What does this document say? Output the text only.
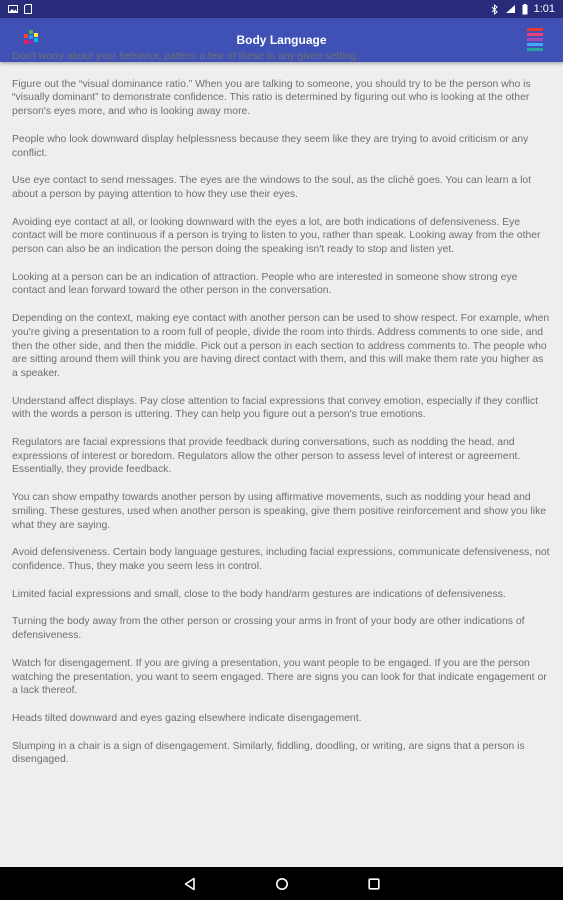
1:01
Body Language

Don't worry about your behavior, pattern a few of these in any given setting.

Figure out the “visual dominance ratio.” When you are talking to someone, you should try to be the person who is “visually dominant” to demonstrate confidence. This ratio is determined by figuring out who is looking at the other person's eyes more, and who is looking away more.

People who look downward display helplessness because they seem like they are trying to avoid criticism or any conflict.

Use eye contact to send messages. The eyes are the windows to the soul, as the cliché goes. You can learn a lot about a person by paying attention to how they use their eyes.

Avoiding eye contact at all, or looking downward with the eyes a lot, are both indications of defensiveness. Eye contact will be more continuous if a person is trying to listen to you, rather than speak. Looking away from the other person can also be an indication the person doing the speaking isn't ready to stop and listen yet.

Looking at a person can be an indication of attraction. People who are interested in someone show strong eye contact and lean forward toward the other person in the conversation.

Depending on the context, making eye contact with another person can be used to show respect. For example, when you're giving a presentation to a room full of people, divide the room into thirds. Address comments to one side, and then the other side, and then the middle. Pick out a person in each section to address comments to. The people who are sitting around them will think you are having direct contact with them, and this will make them rate you higher as a speaker.

Understand affect displays. Pay close attention to facial expressions that convey emotion, especially if they conflict with the words a person is uttering. They can help you figure out a person's true emotions.

Regulators are facial expressions that provide feedback during conversations, such as nodding the head, and expressions of interest or boredom. Regulators allow the other person to assess level of interest or agreement. Essentially, they provide feedback.

You can show empathy towards another person by using affirmative movements, such as nodding your head and smiling. These gestures, used when another person is speaking, give them positive reinforcement and show you like what they are saying.

Avoid defensiveness. Certain body language gestures, including facial expressions, communicate defensiveness, not confidence. Thus, they make you seem less in control.

Limited facial expressions and small, close to the body hand/arm gestures are indications of defensiveness.

Turning the body away from the other person or crossing your arms in front of your body are other indications of defensiveness.

Watch for disengagement. If you are giving a presentation, you want people to be engaged. If you are the person watching the presentation, you want to seem engaged. There are signs you can look for that indicate engagement or a lack thereof.

Heads tilted downward and eyes gazing elsewhere indicate disengagement.

Slumping in a chair is a sign of disengagement. Similarly, fiddling, doodling, or writing, are signs that a person is disengaged.
